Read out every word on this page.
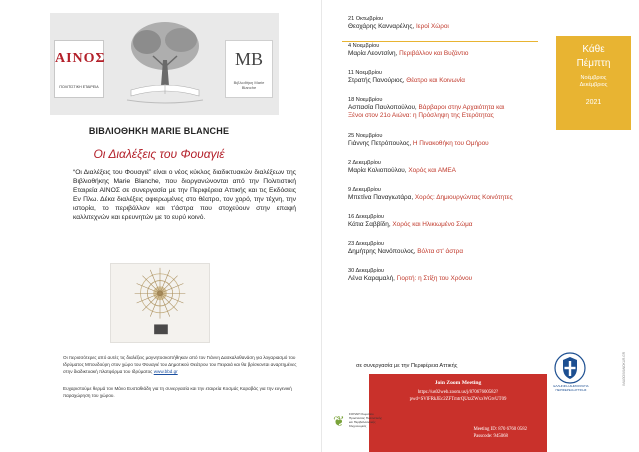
ΑΙΝΟΣ
ΠΟΛΙΤΙΣΤΙΚΗ ΕΤΑΙΡΕΙΑ
MB
Βιβλιοθήκη Marie Blanche
ΒΙΒΛΙΟΘΗΚΗ MARIE BLANCHE
Οι Διαλέξεις του Φουαγιέ
“Οι Διαλέξεις του Φουαγιέ” είναι ο νέος κύκλος διαδικτυακών διαλέξεων της Βιβλιοθήκης Marie Blanche, που διοργανώνονται από την Πολιτιστική Εταιρεία ΑΙΝΟΣ σε συνεργασία με την Περιφέρεια Αττικής και τις Εκδόσεις Εν Πλω. Δέκα διαλέξεις αφιερωμένες στο θέατρο, τον χορό, την τέχνη, την ιστορία, το περιβάλλον και τ'άστρα που στοχεύουν στην επαφή καλλιτεχνών και ερευνητών με το ευρύ κοινό.
Οι περισσότερες από αυτές τις διαλέξεις μαγνητοσκοπήθηκαν από τον Γιάννη Δασκαλοθανάση για λογαριασμό του Ιδρύματος Μπουδούρη στον χώρο του Φουαγιέ του Δημοτικού Θεάτρου του Πειραιά και θα βρίσκονται αναρτημένες στην διαδικτυακή πλατφόρμα του Ιδρύματος www.bbd.gr
Ευχαριστούμε θερμά τον Μάνο Ευσταθιάδη για τη συνεργασία και την εταιρεία Κοσμάς Καραβάς για την ευγενική παραχώρηση του χώρου.
21 Οκτωβρίου
Θεοχάρης Κανναρέλης, Ιεροί Χώροι
4 Νοεμβρίου
Μαρία Λεοντσίνη, Περιβάλλον και Βυζάντιο
11 Νοεμβρίου
Στρατής Πανούριος, Θέατρο και Κοινωνία
18 Νοεμβρίου
Ασπασία Παυλοπούλου, Βάρβαροι στην Αρχαιότητα και
Ξένοι στον 21ο Αιώνα: η Πρόσληψη της Ετερότητας
25 Νοεμβρίου
Γιάννης Πετρόπουλος, Η Πινακοθήκη του Ομήρου
2 Δεκεμβρίου
Μαρία Κολιοπούλου, Χορός και ΑΜΕΑ
9 Δεκεμβρίου
Μπετίνα Παναγιωτάρα, Χορός: Δημιουργώντας Κοινότητες
16 Δεκεμβρίου
Κάτια Σαββίδη, Χορός και Ηλικιωμένο Σώμα
23 Δεκεμβρίου
Δημήτρης Νανόπουλος, Βόλτα στ' άστρα
30 Δεκεμβρίου
Λένα Καραμαλή, Γιορτή: η Στίξη του Χρόνου
Κάθε
Πέμπτη
Νοέμβριος
Δεκέμβριος
2021
σε συνεργασία με την Περιφέρεια Αττικής
ΕΛΛΗΝΙΚΗ ΔΗΜΟΚΡΑΤΙΑ ΠΕΡΙΦΕΡΕΙΑ ΑΤΤΙΚΗΣ
Join Zoom Meeting
https://us02web.zoom.us/j/87067600582?
pwd=SVlFRkJEc2ZFTmtrQUtzZWxxWGtvUT09
Meeting ID: 870 6760 0582
Passcode: 945068
❦	ΣΟΠΑΙΠ Σωματείο Προστασίας Πολιτιστικής και Περιβαλλοντικής Κληρονομιάς
IMAGO/IVANOKUR.GR
